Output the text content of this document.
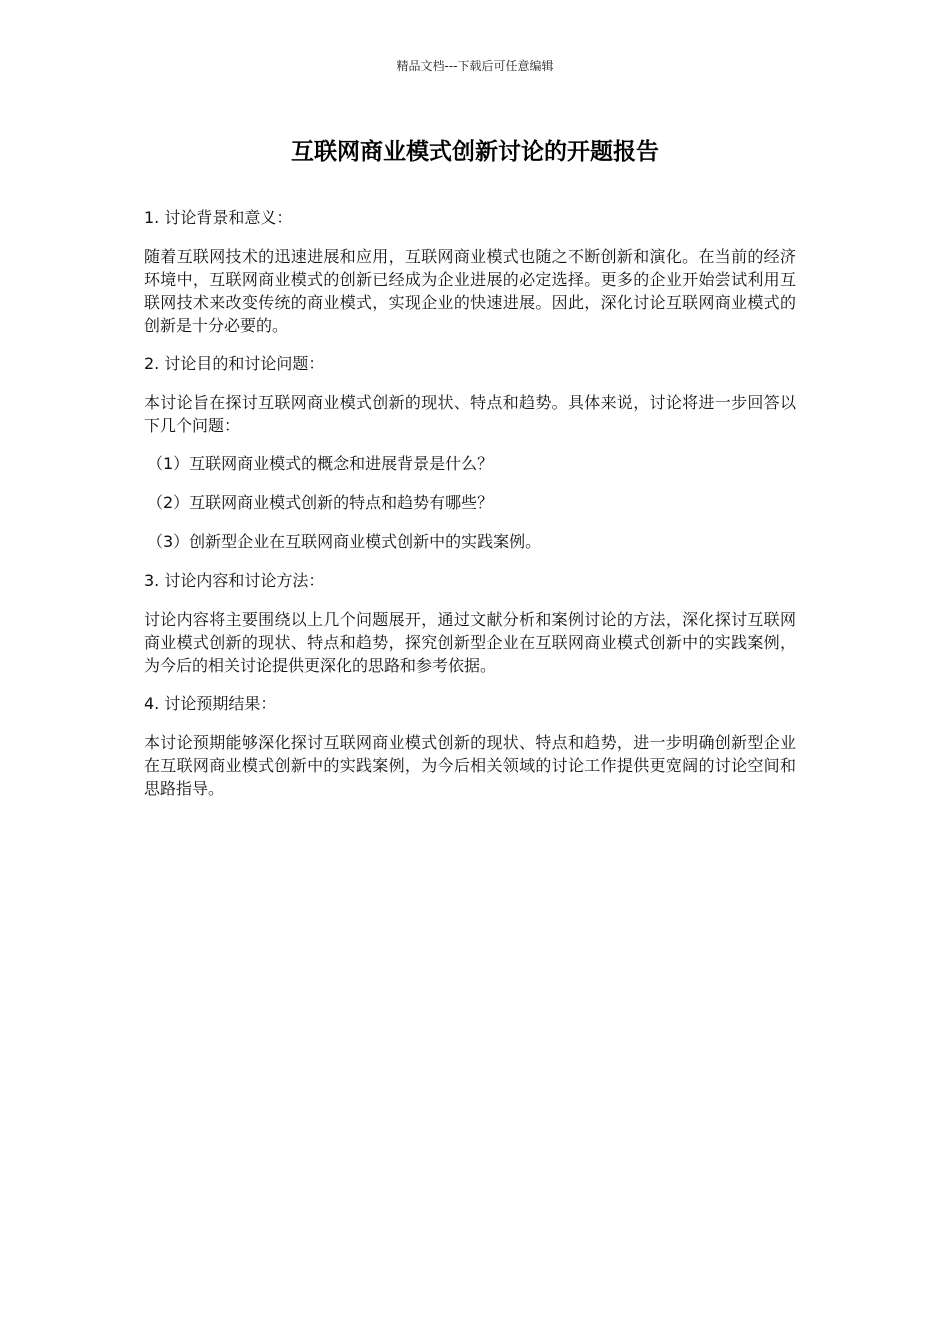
精品文档---下载后可任意编辑
互联网商业模式创新讨论的开题报告
1. 讨论背景和意义：
随着互联网技术的迅速进展和应用，互联网商业模式也随之不断创新和演化。在当前的经济环境中，互联网商业模式的创新已经成为企业进展的必定选择。更多的企业开始尝试利用互联网技术来改变传统的商业模式，实现企业的快速进展。因此，深化讨论互联网商业模式的创新是十分必要的。
2. 讨论目的和讨论问题：
本讨论旨在探讨互联网商业模式创新的现状、特点和趋势。具体来说，讨论将进一步回答以下几个问题：
（1）互联网商业模式的概念和进展背景是什么？
（2）互联网商业模式创新的特点和趋势有哪些？
（3）创新型企业在互联网商业模式创新中的实践案例。
3. 讨论内容和讨论方法：
讨论内容将主要围绕以上几个问题展开，通过文献分析和案例讨论的方法，深化探讨互联网商业模式创新的现状、特点和趋势，探究创新型企业在互联网商业模式创新中的实践案例，为今后的相关讨论提供更深化的思路和参考依据。
4. 讨论预期结果：
本讨论预期能够深化探讨互联网商业模式创新的现状、特点和趋势，进一步明确创新型企业在互联网商业模式创新中的实践案例，为今后相关领域的讨论工作提供更宽阔的讨论空间和思路指导。
